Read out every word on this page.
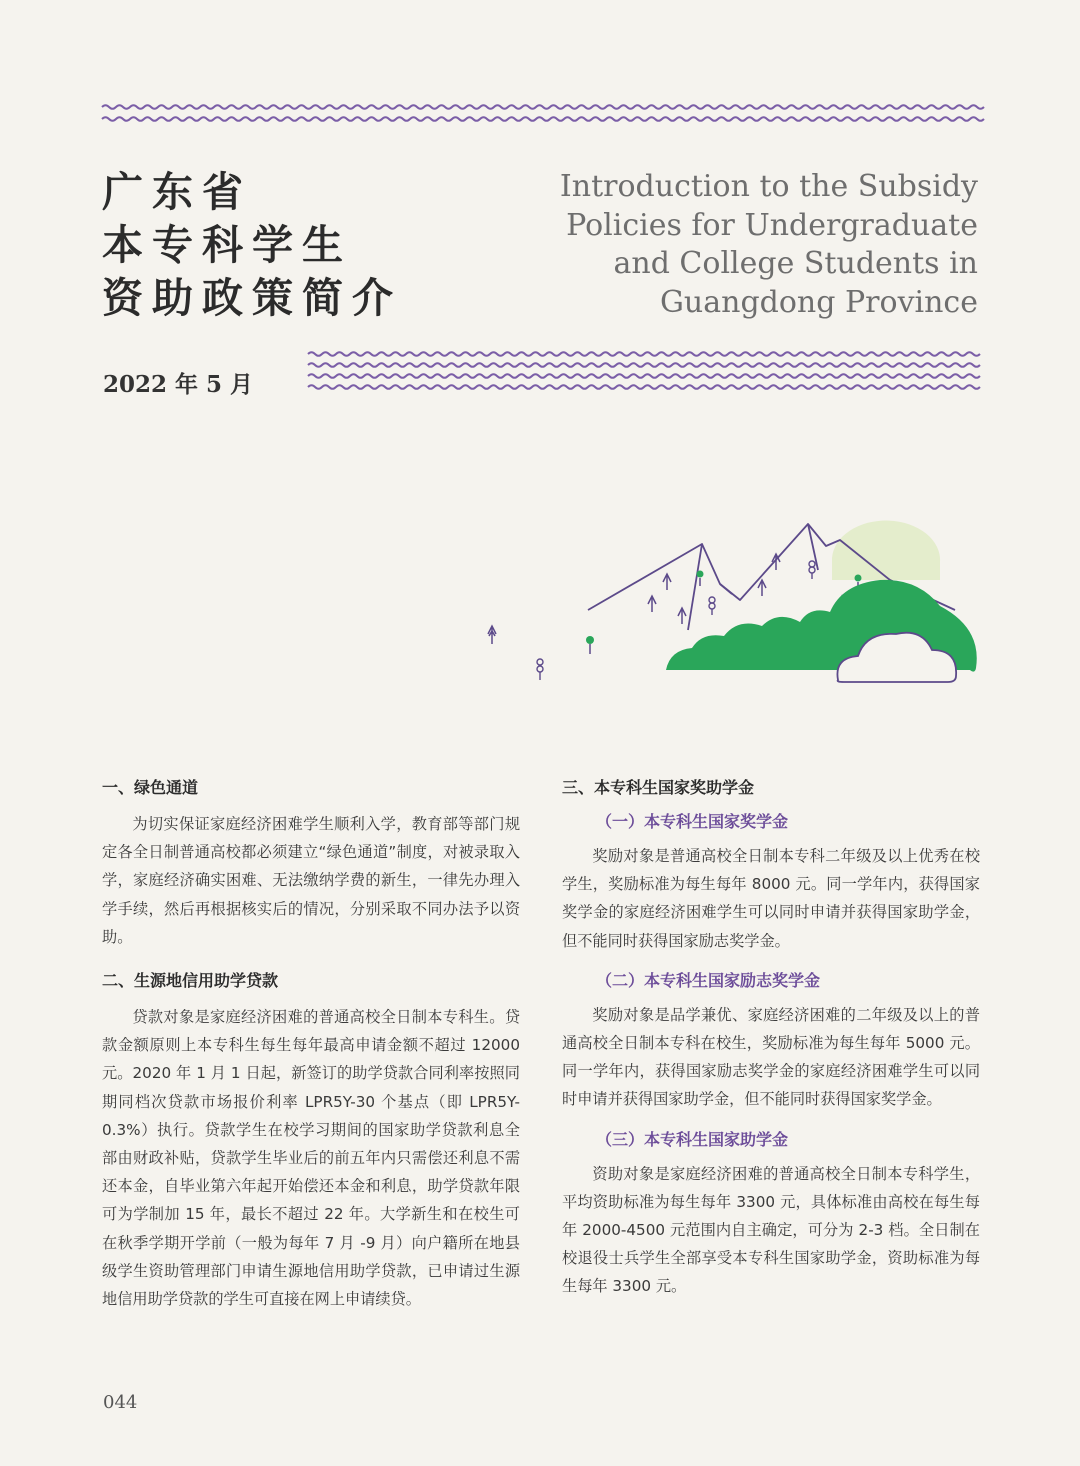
广东省
本专科学生
资助政策简介
Introduction to the Subsidy
Policies for Undergraduate
and College Students in
Guangdong Province
2022 年 5 月
一、绿色通道

为切实保证家庭经济困难学生顺利入学，教育部等部门规定各全日制普通高校都必须建立“绿色通道”制度，对被录取入学，家庭经济确实困难、无法缴纳学费的新生，一律先办理入学手续，然后再根据核实后的情况，分别采取不同办法予以资助。

二、生源地信用助学贷款

贷款对象是家庭经济困难的普通高校全日制本专科生。贷款金额原则上本专科生每生每年最高申请金额不超过 12000 元。2020 年 1 月 1 日起，新签订的助学贷款合同利率按照同期同档次贷款市场报价利率 LPR5Y-30 个基点（即 LPR5Y-0.3%）执行。贷款学生在校学习期间的国家助学贷款利息全部由财政补贴，贷款学生毕业后的前五年内只需偿还利息不需还本金，自毕业第六年起开始偿还本金和利息，助学贷款年限可为学制加 15 年，最长不超过 22 年。大学新生和在校生可在秋季学期开学前（一般为每年 7 月 -9 月）向户籍所在地县级学生资助管理部门申请生源地信用助学贷款，已申请过生源地信用助学贷款的学生可直接在网上申请续贷。

三、本专科生国家奖助学金
（一）本专科生国家奖学金

奖励对象是普通高校全日制本专科二年级及以上优秀在校学生，奖励标准为每生每年 8000 元。同一学年内，获得国家奖学金的家庭经济困难学生可以同时申请并获得国家助学金，但不能同时获得国家励志奖学金。

（二）本专科生国家励志奖学金

奖励对象是品学兼优、家庭经济困难的二年级及以上的普通高校全日制本专科在校生，奖励标准为每生每年 5000 元。同一学年内，获得国家励志奖学金的家庭经济困难学生可以同时申请并获得国家助学金，但不能同时获得国家奖学金。

（三）本专科生国家助学金

资助对象是家庭经济困难的普通高校全日制本专科学生，平均资助标准为每生每年 3300 元，具体标准由高校在每生每年 2000-4500 元范围内自主确定，可分为 2-3 档。全日制在校退役士兵学生全部享受本专科生国家助学金，资助标准为每生每年 3300 元。

044
